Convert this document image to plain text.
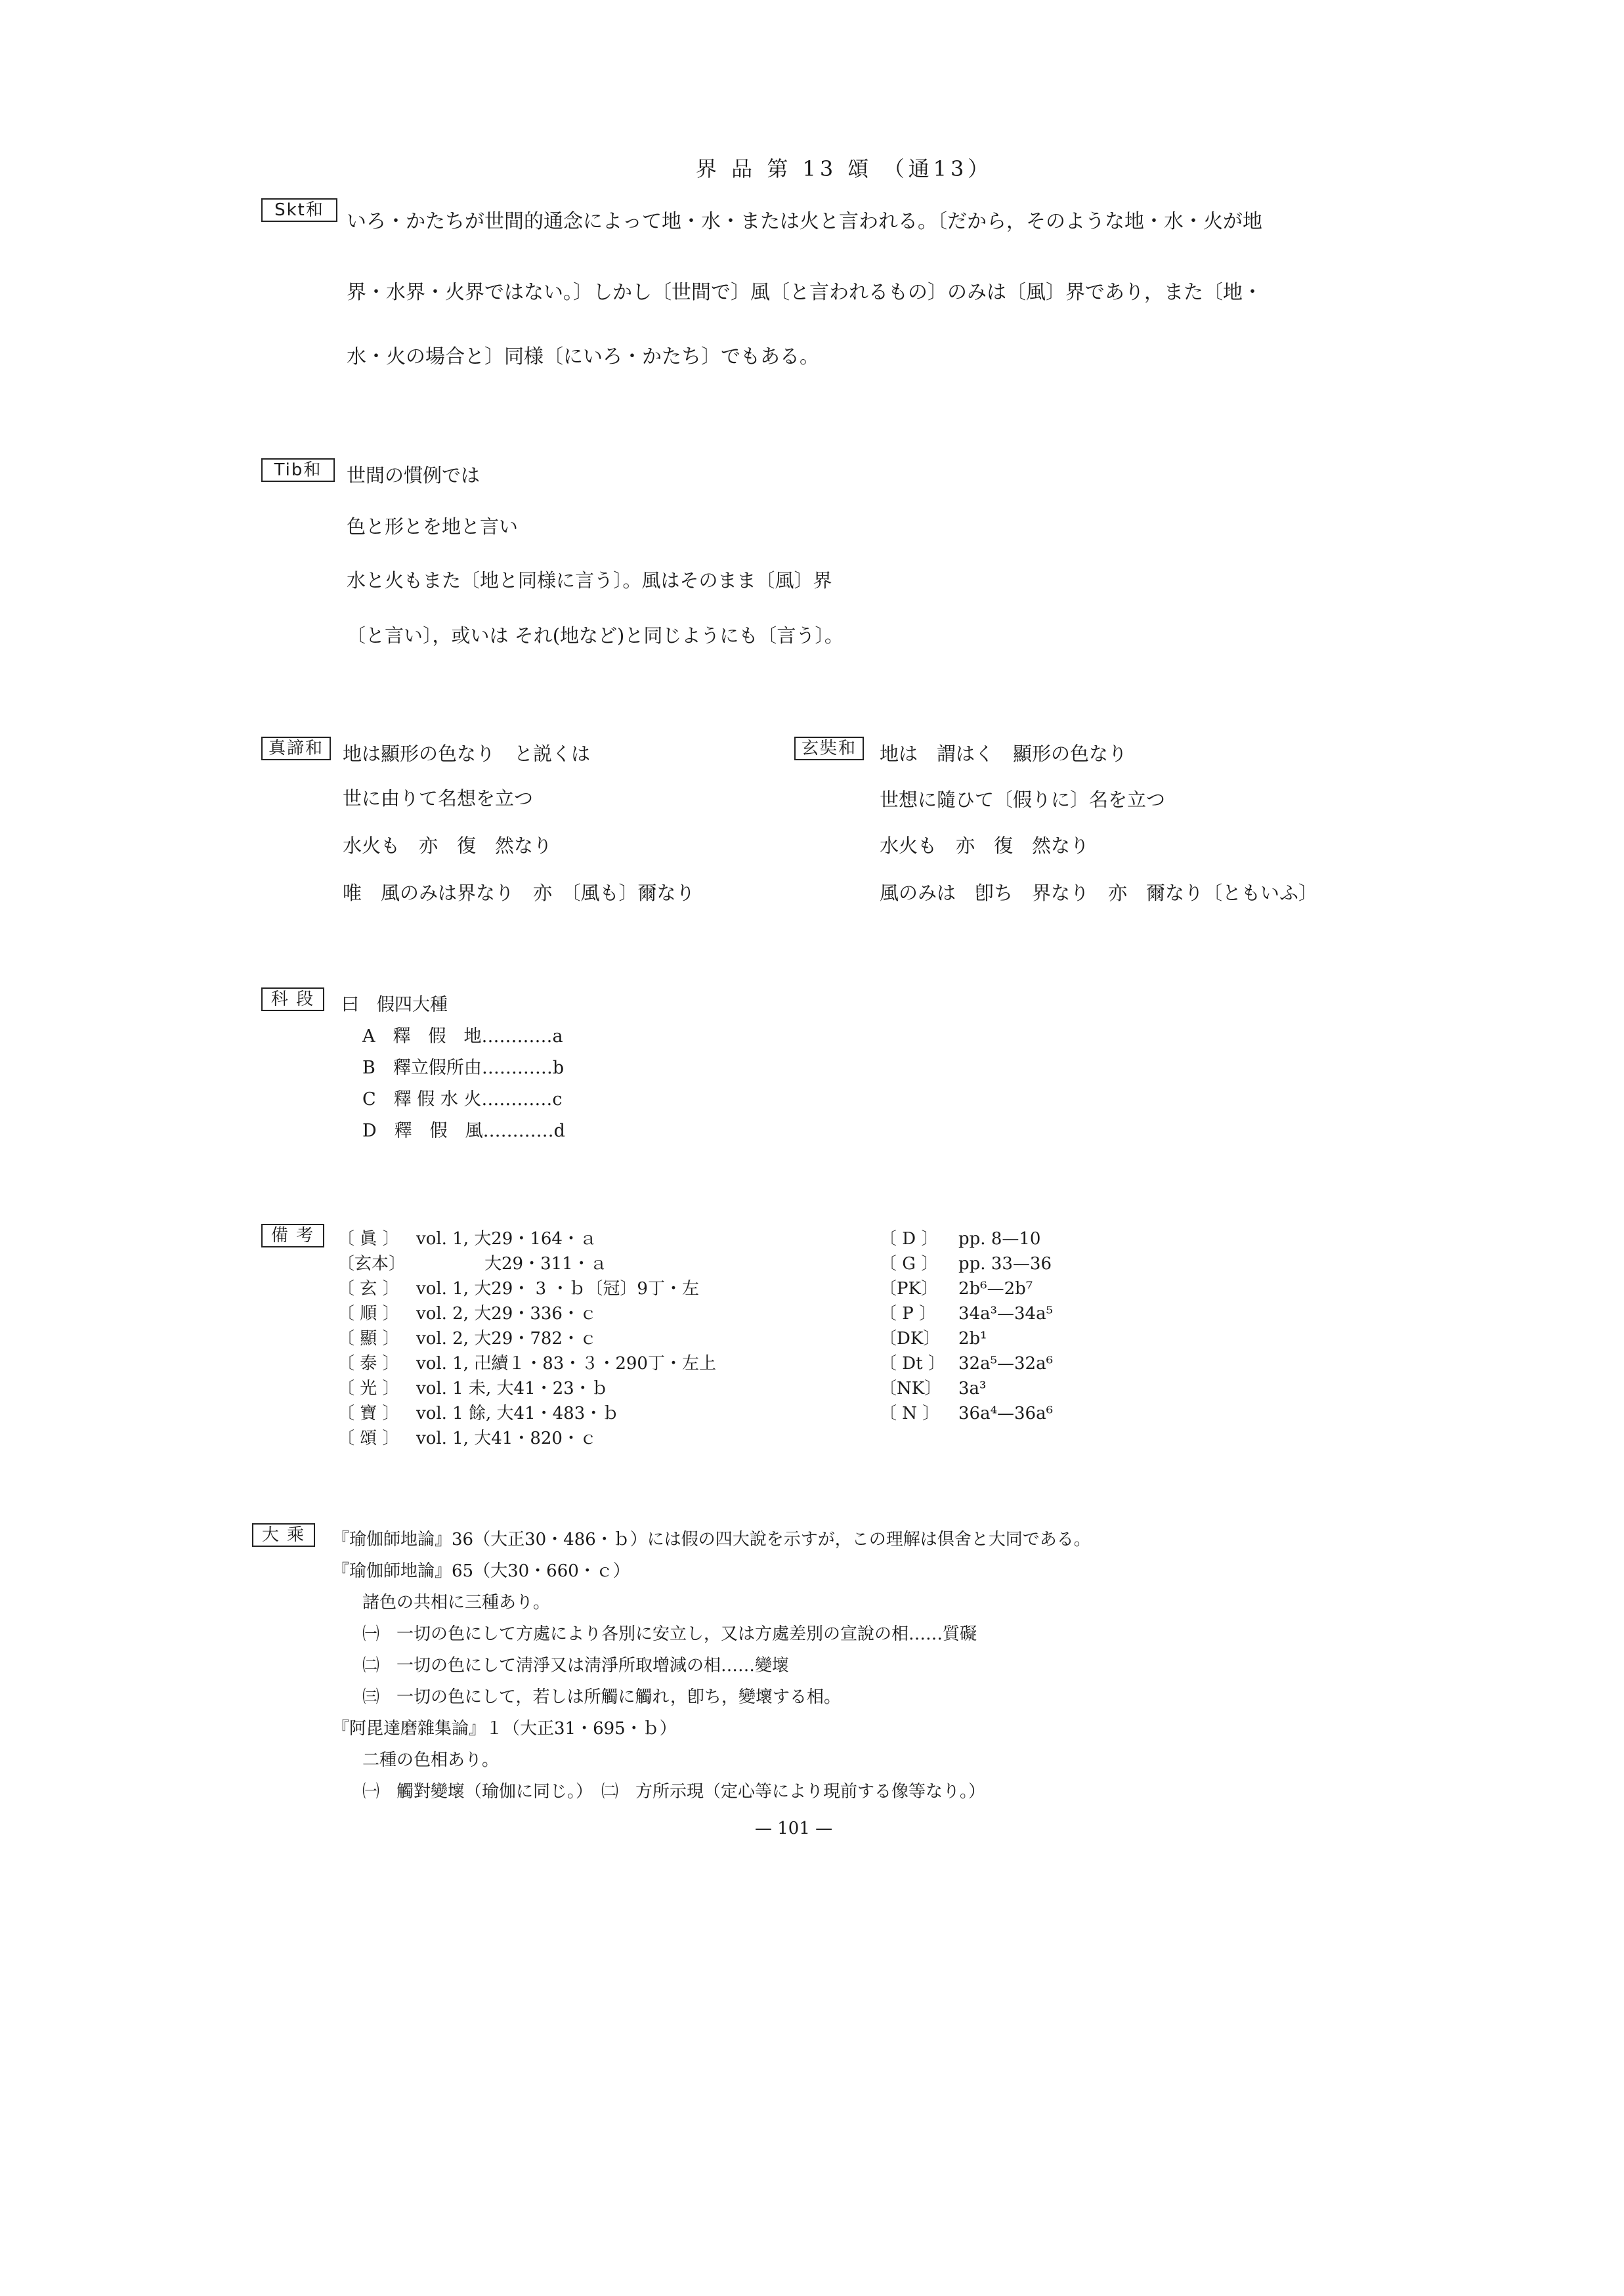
界 品 第 13 頌 （通13）
Skt和	いろ・かたちが世間的通念によって地・水・または火と言われる。〔だから，そのような地・水・火が地
界・水界・火界ではない。〕しかし〔世間で〕風〔と言われるもの〕のみは〔風〕界であり，また〔地・
水・火の場合と〕同様〔にいろ・かたち〕でもある。
Tib和	世間の慣例では
色と形とを地と言い
水と火もまた〔地と同様に言う〕。風はそのまま〔風〕界
〔と言い〕，或いは それ(地など)と同じようにも〔言う〕。
真諦和	地は顯形の色なり　と説くは
世に由りて名想を立つ
水火も　亦　復　然なり
唯　風のみは界なり　亦　〔風も〕爾なり
玄奘和	地は　謂はく　顯形の色なり
世想に隨ひて〔假りに〕名を立つ
水火も　亦　復　然なり
風のみは　卽ち　界なり　亦　爾なり〔ともいふ〕
科 段	曰　假四大種
A　釋　假　地…………a
B　釋立假所由…………b
C　釋 假 水 火…………c
D　釋　假　風…………d
備 考	〔 眞 〕 vol. 1, 大29・164・ａ
〔玄本〕　　　　大29・311・ａ
〔 玄 〕 vol. 1, 大29・ 3 ・ｂ〔冠〕9丁・左
〔 順 〕 vol. 2, 大29・336・ｃ
〔 顯 〕 vol. 2, 大29・782・ｃ
〔 泰 〕 vol. 1, 卍續１・83・３・290丁・左上
〔 光 〕 vol. 1 未, 大41・23・ｂ
〔 寶 〕 vol. 1 餘, 大41・483・ｂ
〔 頌 〕 vol. 1, 大41・820・ｃ
〔 D 〕 pp. 8—10
〔 G 〕 pp. 33—36
〔PK〕 2b⁶—2b⁷
〔 P 〕 34a³—34a⁵
〔DK〕 2b¹
〔 Dt 〕 32a⁵—32a⁶
〔NK〕 3a³
〔 N 〕 36a⁴—36a⁶
大 乘	『瑜伽師地論』36（大正30・486・ｂ）には假の四大說を示すが，この理解は倶舍と大同である。
『瑜伽師地論』65（大30・660・ｃ）
諸色の共相に三種あり。
㈠　一切の色にして方處により各別に安立し，又は方處差別の宣說の相……質礙
㈡　一切の色にして淸淨又は淸淨所取增減の相……變壞
㈢　一切の色にして，若しは所觸に觸れ，卽ち，變壞する相。
『阿毘達磨雜集論』１（大正31・695・ｂ）
二種の色相あり。
㈠　觸對變壞（瑜伽に同じ。）　㈡　方所示現（定心等により現前する像等なり。）
— 101 —
